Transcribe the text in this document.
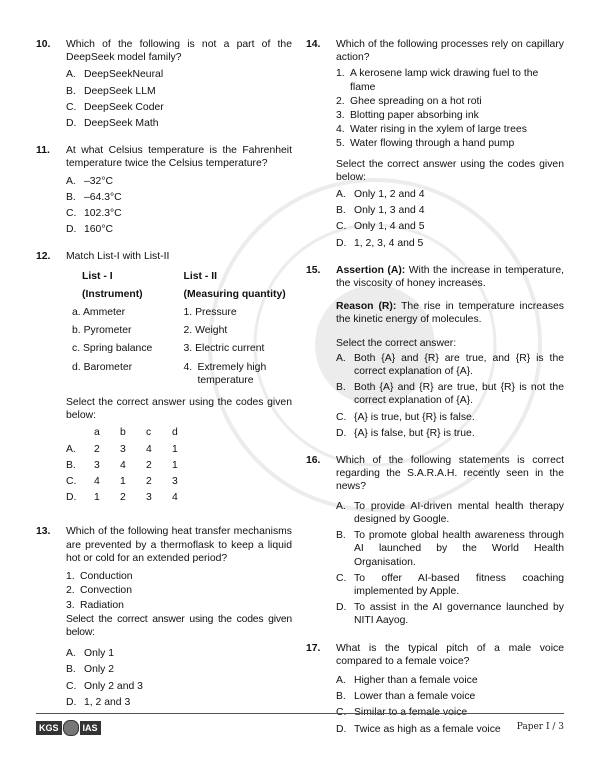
10. Which of the following is not a part of the DeepSeek model family?
A. DeepSeekNeural
B. DeepSeek LLM
C. DeepSeek Coder
D. DeepSeek Math
11. At what Celsius temperature is the Fahrenheit temperature twice the Celsius temperature?
A. –32°C
B. –64.3°C
C. 102.3°C
D. 160°C
12. Match List-I with List-II
List - I	List - II
(Instrument)	(Measuring quantity)
a. Ammeter	1. Pressure
b. Pyrometer	2. Weight
c. Spring balance	3. Electric current
d. Barometer	4. Extremely high temperature
Select the correct answer using the codes given below:
	a	b	c	d
A.	2	3	4	1
B.	3	4	2	1
C.	4	1	2	3
D.	1	2	3	4
13. Which of the following heat transfer mechanisms are prevented by a thermoflask to keep a liquid hot or cold for an extended period?
1. Conduction
2. Convection
3. Radiation
Select the correct answer using the codes given below:
A. Only 1
B. Only 2
C. Only 2 and 3
D. 1, 2 and 3
14. Which of the following processes rely on capillary action?
1. A kerosene lamp wick drawing fuel to the flame
2. Ghee spreading on a hot roti
3. Blotting paper absorbing ink
4. Water rising in the xylem of large trees
5. Water flowing through a hand pump
Select the correct answer using the codes given below:
A. Only 1, 2 and 4
B. Only 1, 3 and 4
C. Only 1, 4 and 5
D. 1, 2, 3, 4 and 5
15. Assertion (A): With the increase in temperature, the viscosity of honey increases.
Reason (R): The rise in temperature increases the kinetic energy of molecules.
Select the correct answer:
A. Both {A} and {R} are true, and {R} is the correct explanation of {A}.
B. Both {A} and {R} are true, but {R} is not the correct explanation of {A}.
C. {A} is true, but {R} is false.
D. {A} is false, but {R} is true.
16. Which of the following statements is correct regarding the S.A.R.A.H. recently seen in the news?
A. To provide AI-driven mental health therapy designed by Google.
B. To promote global health awareness through AI launched by the World Health Organisation.
C. To offer AI-based fitness coaching implemented by Apple.
D. To assist in the AI governance launched by NITI Aayog.
17. What is the typical pitch of a male voice compared to a female voice?
A. Higher than a female voice
B. Lower than a female voice
C. Similar to a female voice
D. Twice as high as a female voice
KGS	IAS	Paper I / 3
